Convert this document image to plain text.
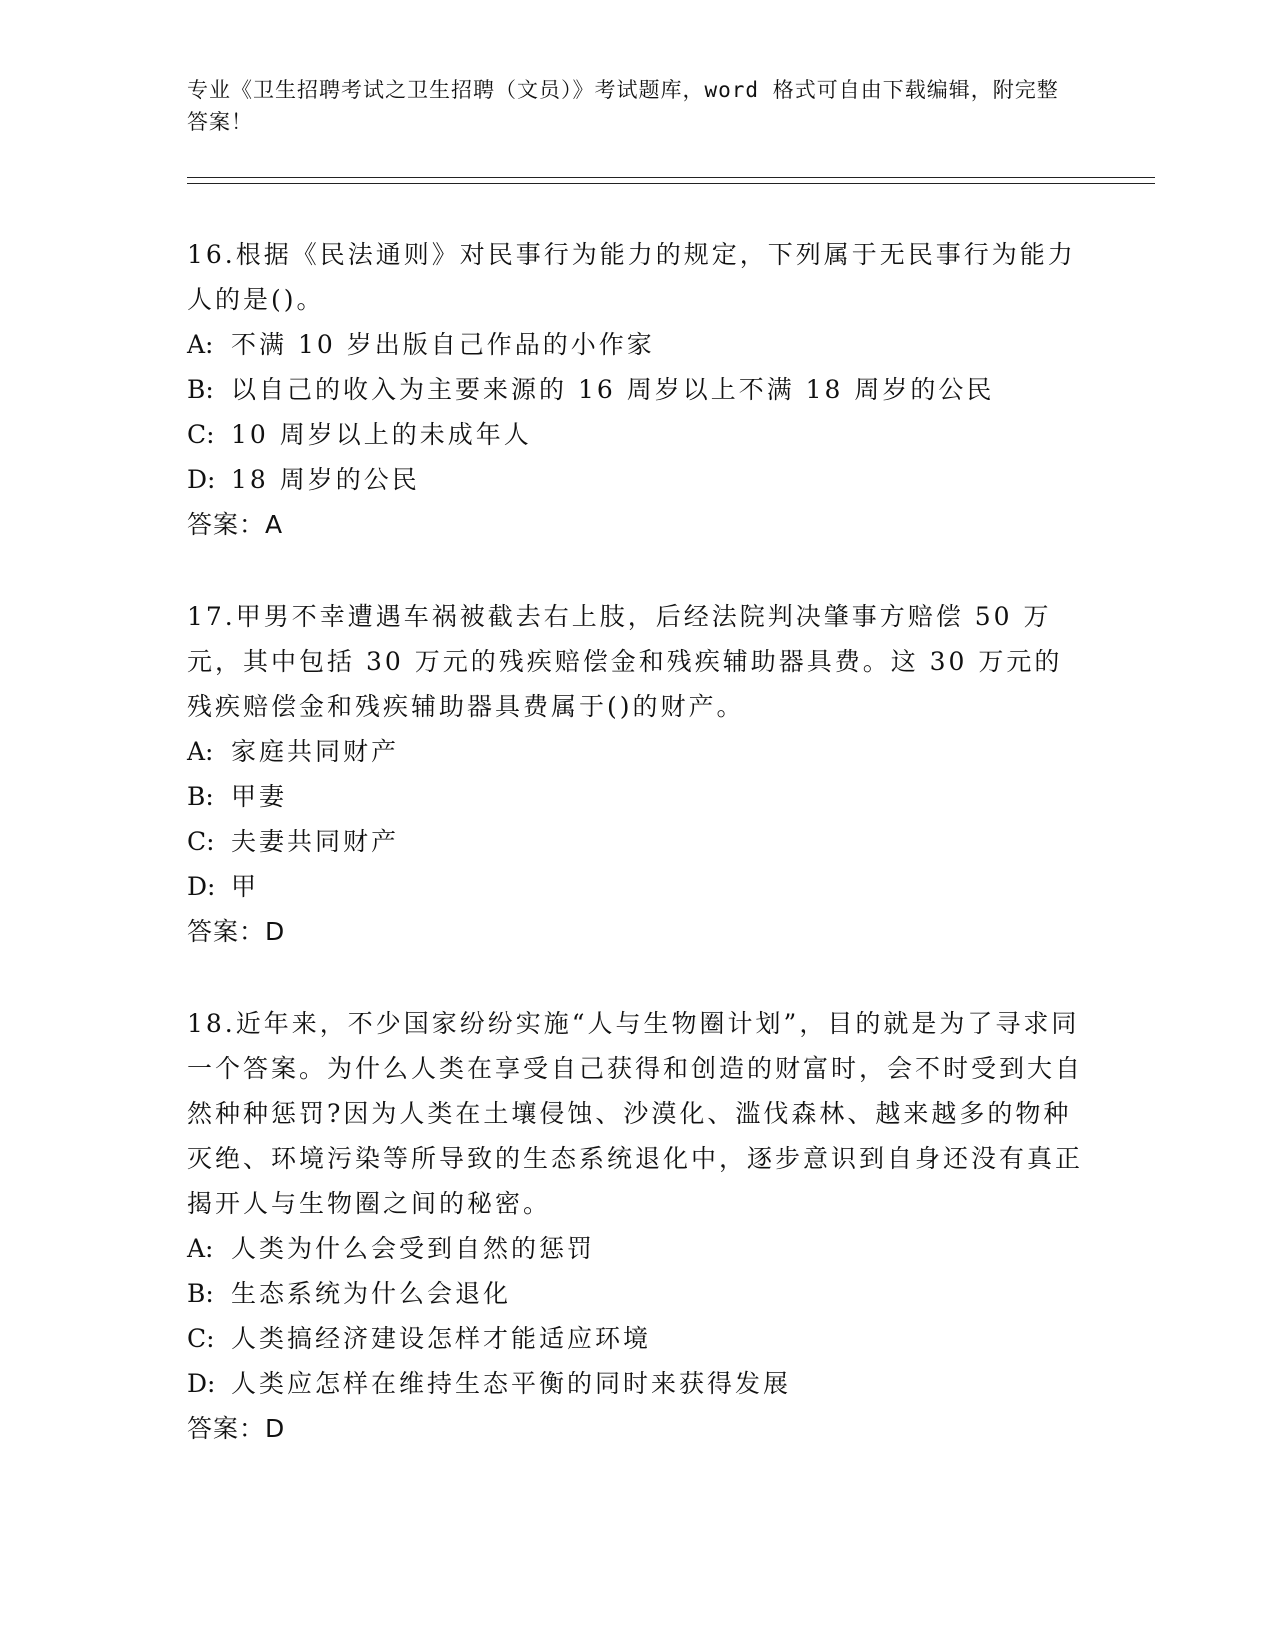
专业《卫生招聘考试之卫生招聘（文员）》考试题库，word 格式可自由下载编辑，附完整答案！

16.根据《民法通则》对民事行为能力的规定，下列属于无民事行为能力人的是()。

A: 不满 10 岁出版自己作品的小作家

B: 以自己的收入为主要来源的 16 周岁以上不满 18 周岁的公民

C: 10 周岁以上的未成年人

D: 18 周岁的公民

答案：A

17.甲男不幸遭遇车祸被截去右上肢，后经法院判决肇事方赔偿 50 万元，其中包括 30 万元的残疾赔偿金和残疾辅助器具费。这 30 万元的残疾赔偿金和残疾辅助器具费属于()的财产。

A: 家庭共同财产

B: 甲妻

C: 夫妻共同财产

D: 甲

答案：D

18.近年来，不少国家纷纷实施“人与生物圈计划”，目的就是为了寻求同一个答案。为什么人类在享受自己获得和创造的财富时，会不时受到大自然种种惩罚?因为人类在土壤侵蚀、沙漠化、滥伐森林、越来越多的物种灭绝、环境污染等所导致的生态系统退化中，逐步意识到自身还没有真正揭开人与生物圈之间的秘密。

A: 人类为什么会受到自然的惩罚

B: 生态系统为什么会退化

C: 人类搞经济建设怎样才能适应环境

D: 人类应怎样在维持生态平衡的同时来获得发展

答案：D
